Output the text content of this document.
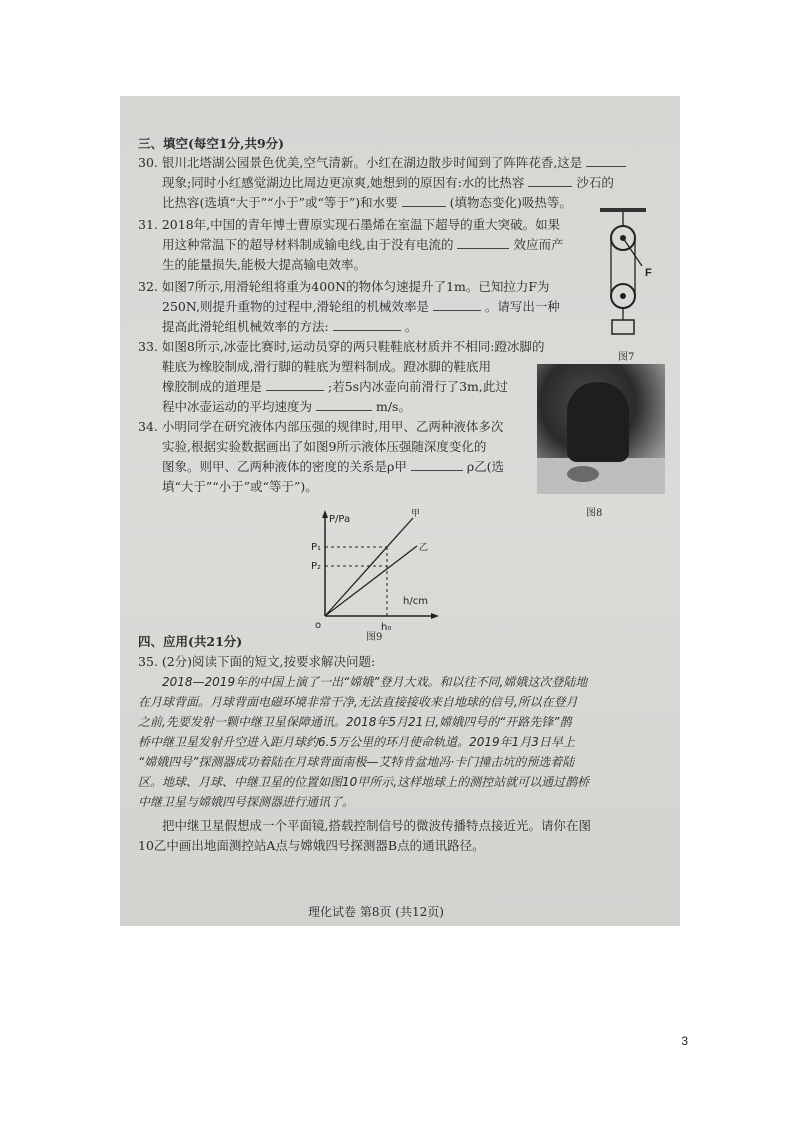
三、填空(每空1分,共9分)
30. 银川北塔湖公园景色优美,空气清新。小红在湖边散步时闻到了阵阵花香,这是
现象;同时小红感觉湖边比周边更凉爽,她想到的原因有:水的比热容	沙石的
比热容(选填“大于”“小于”或“等于”)和水要	(填物态变化)吸热等。
31. 2018年,中国的青年博士曹原实现石墨烯在室温下超导的重大突破。如果
用这种常温下的超导材料制成输电线,由于没有电流的	效应而产
生的能量损失,能极大提高输电效率。
32. 如图7所示,用滑轮组将重为400N的物体匀速提升了1m。已知拉力F为
250N,则提升重物的过程中,滑轮组的机械效率是	。请写出一种
提高此滑轮组机械效率的方法:	。
F
图7
33. 如图8所示,冰壶比赛时,运动员穿的两只鞋鞋底材质并不相同:蹬冰脚的
鞋底为橡胶制成,滑行脚的鞋底为塑料制成。蹬冰脚的鞋底用
橡胶制成的道理是	;若5s内冰壶向前滑行了3m,此过
程中冰壶运动的平均速度为	m/s。
图8
34. 小明同学在研究液体内部压强的规律时,用甲、乙两种液体多次
实验,根据实验数据画出了如图9所示液体压强随深度变化的
图象。则甲、乙两种液体的密度的关系是ρ甲	ρ乙(选
填“大于”“小于”或“等于”)。
P/Pa
h/cm
P₁
P₂
o	h₀
甲
乙
图9
四、应用(共21分)
35. (2分)阅读下面的短文,按要求解决问题:
2018—2019年的中国上演了一出“嫦娥”登月大戏。和以往不同,嫦娥这次登陆地
在月球背面。月球背面电磁环境非常干净,无法直接接收来自地球的信号,所以在登月
之前,先要发射一颗中继卫星保障通讯。2018年5月21日,嫦娥四号的“开路先锋”鹊
桥中继卫星发射升空进入距月球约6.5万公里的环月使命轨道。2019年1月3日早上
“嫦娥四号”探测器成功着陆在月球背面南极—艾特肯盆地冯·卡门撞击坑的预选着陆
区。地球、月球、中继卫星的位置如图10甲所示,这样地球上的测控站就可以通过鹊桥
中继卫星与嫦娥四号探测器进行通讯了。
把中继卫星假想成一个平面镜,搭载控制信号的微波传播特点接近光。请你在图
10乙中画出地面测控站A点与嫦娥四号探测器B点的通讯路径。
理化试卷 第8页 (共12页)
3
